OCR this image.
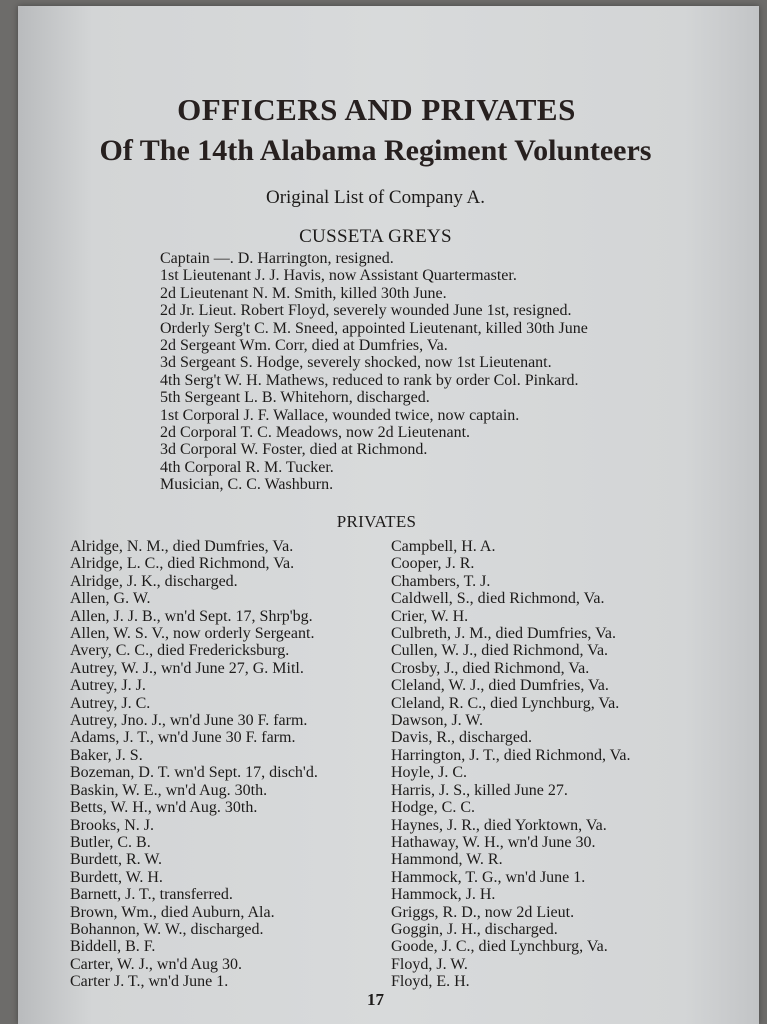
OFFICERS AND PRIVATES
Of The 14th Alabama Regiment Volunteers
Original List of Company A.
CUSSETA GREYS
Captain —. D. Harrington, resigned.
1st Lieutenant J. J. Havis, now Assistant Quartermaster.
2d Lieutenant N. M. Smith, killed 30th June.
2d Jr. Lieut. Robert Floyd, severely wounded June 1st, resigned.
Orderly Serg't C. M. Sneed, appointed Lieutenant, killed 30th June
2d Sergeant Wm. Corr, died at Dumfries, Va.
3d Sergeant S. Hodge, severely shocked, now 1st Lieutenant.
4th Serg't W. H. Mathews, reduced to rank by order Col. Pinkard.
5th Sergeant L. B. Whitehorn, discharged.
1st Corporal J. F. Wallace, wounded twice, now captain.
2d Corporal T. C. Meadows, now 2d Lieutenant.
3d Corporal W. Foster, died at Richmond.
4th Corporal R. M. Tucker.
Musician, C. C. Washburn.
PRIVATES
Alridge, N. M., died Dumfries, Va.
Alridge, L. C., died Richmond, Va.
Alridge, J. K., discharged.
Allen, G. W.
Allen, J. J. B., wn'd Sept. 17, Shrp'bg.
Allen, W. S. V., now orderly Sergeant.
Avery, C. C., died Fredericksburg.
Autrey, W. J., wn'd June 27, G. Mitl.
Autrey, J. J.
Autrey, J. C.
Autrey, Jno. J., wn'd June 30 F. farm.
Adams, J. T., wn'd June 30 F. farm.
Baker, J. S.
Bozeman, D. T. wn'd Sept. 17, disch'd.
Baskin, W. E., wn'd Aug. 30th.
Betts, W. H., wn'd Aug. 30th.
Brooks, N. J.
Butler, C. B.
Burdett, R. W.
Burdett, W. H.
Barnett, J. T., transferred.
Brown, Wm., died Auburn, Ala.
Bohannon, W. W., discharged.
Biddell, B. F.
Carter, W. J., wn'd Aug 30.
Carter J. T., wn'd June 1.
Campbell, H. A.
Cooper, J. R.
Chambers, T. J.
Caldwell, S., died Richmond, Va.
Crier, W. H.
Culbreth, J. M., died Dumfries, Va.
Cullen, W. J., died Richmond, Va.
Crosby, J., died Richmond, Va.
Cleland, W. J., died Dumfries, Va.
Cleland, R. C., died Lynchburg, Va.
Dawson, J. W.
Davis, R., discharged.
Harrington, J. T., died Richmond, Va.
Hoyle, J. C.
Harris, J. S., killed June 27.
Hodge, C. C.
Haynes, J. R., died Yorktown, Va.
Hathaway, W. H., wn'd June 30.
Hammond, W. R.
Hammock, T. G., wn'd June 1.
Hammock, J. H.
Griggs, R. D., now 2d Lieut.
Goggin, J. H., discharged.
Goode, J. C., died Lynchburg, Va.
Floyd, J. W.
Floyd, E. H.
17
